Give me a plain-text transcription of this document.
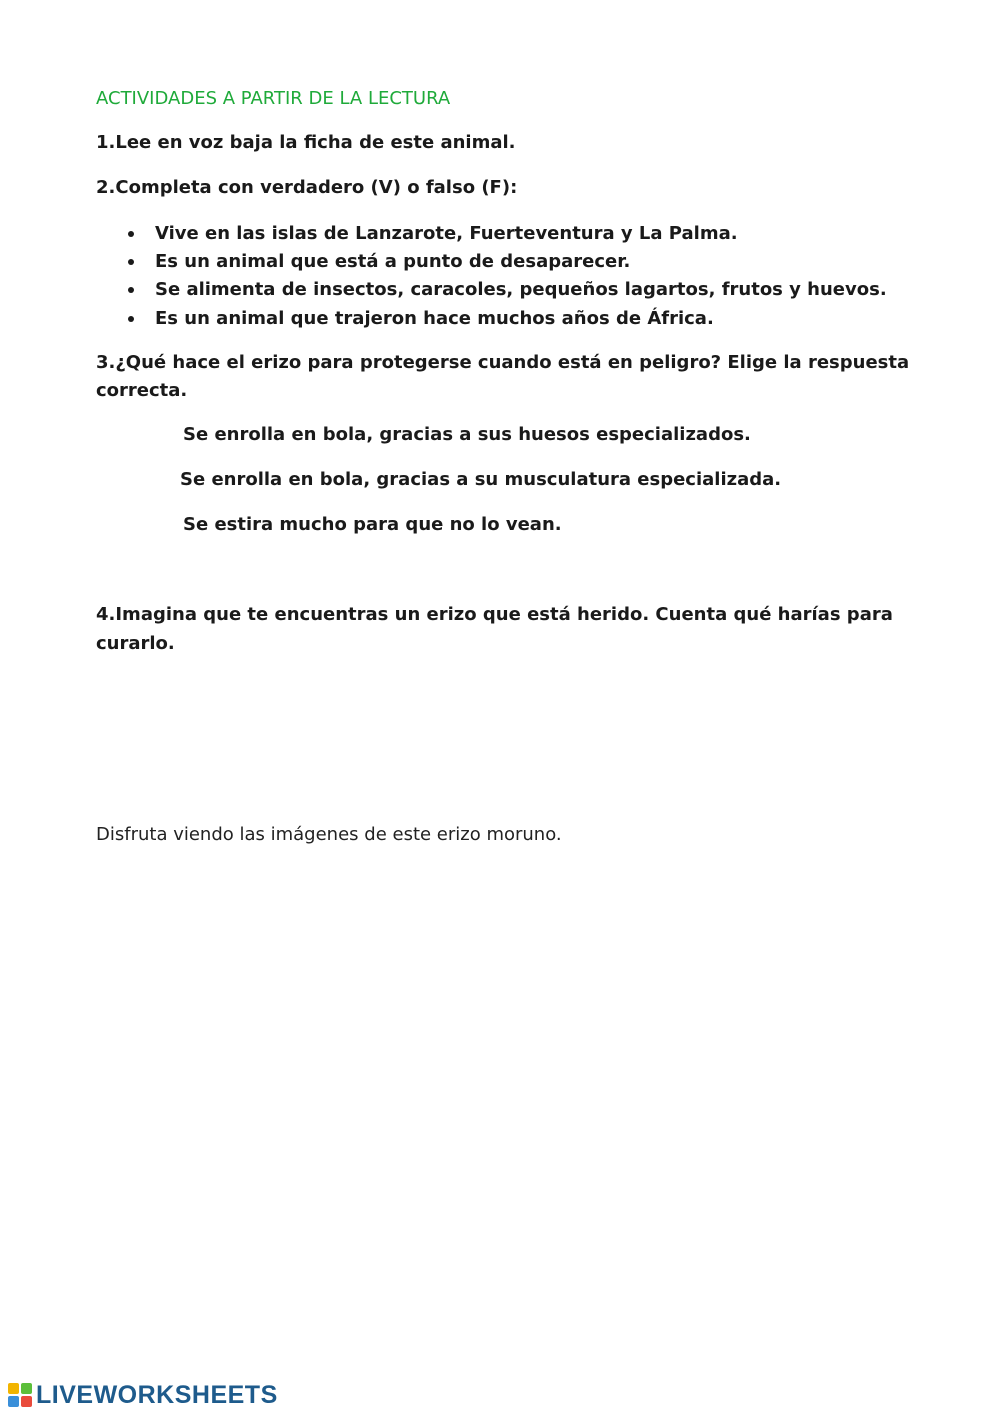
ACTIVIDADES A PARTIR DE LA LECTURA
1.Lee en voz baja la ficha de este animal.
2.Completa con verdadero (V) o falso (F):
Vive en las islas de Lanzarote, Fuerteventura y La Palma.
Es un animal que está a punto de desaparecer.
Se alimenta de insectos, caracoles, pequeños lagartos, frutos y huevos.
Es un animal que trajeron hace muchos años de África.
3.¿Qué hace el erizo para protegerse cuando está en peligro? Elige la respuesta
correcta.
Se enrolla en bola, gracias a sus huesos especializados.
Se enrolla en bola, gracias a su musculatura especializada.
Se estira mucho para que no lo vean.
4.Imagina que te encuentras un erizo que está herido. Cuenta qué harías para
curarlo.
Disfruta viendo las imágenes de este erizo moruno.
LIVEWORKSHEETS
